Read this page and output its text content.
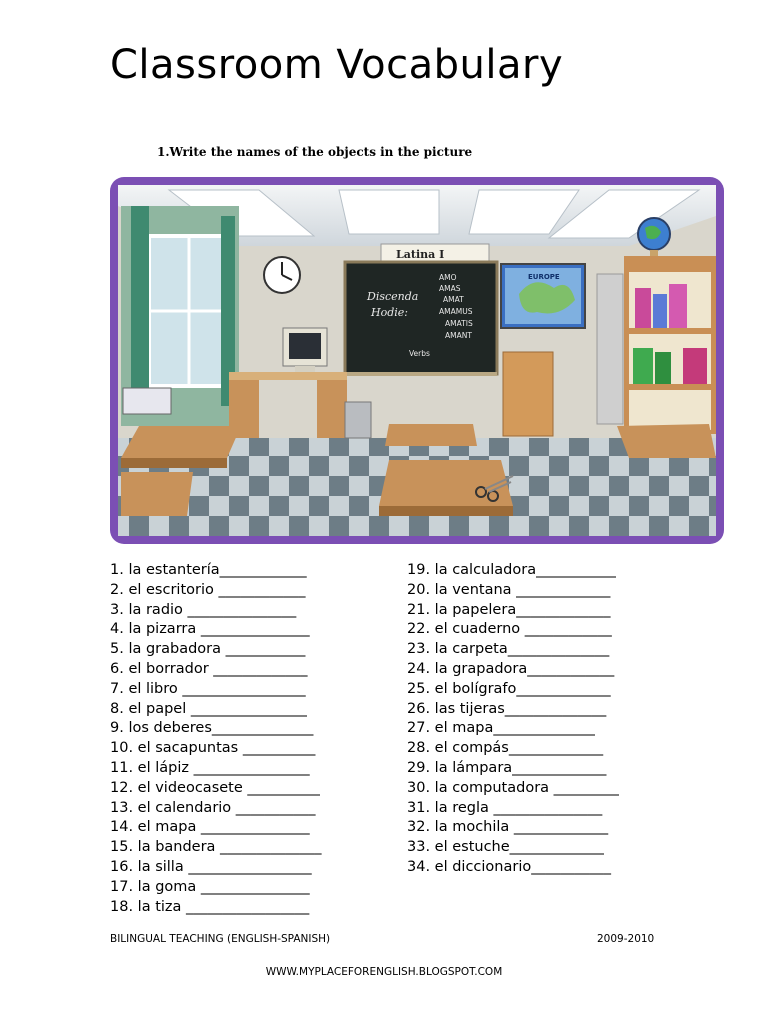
Classroom Vocabulary
1.Write the names of the objects in the picture
Latina I
Discenda
Hodie:
AMO
AMAS
AMAT
AMAMUS
AMATIS
AMANT
Verbs
EUROPE
1. la estantería____________
2. el escritorio ____________
3. la radio _______________
4. la pizarra _______________
5. la grabadora ___________
6. el borrador _____________
7. el libro _________________
8. el papel ________________
9. los deberes______________
10. el sacapuntas __________
11. el lápiz ________________
12. el videocasete __________
13. el calendario ___________
14. el mapa _______________
15. la bandera ______________
16. la silla _________________
17. la goma _______________
18. la tiza _________________
19. la calculadora___________
20. la ventana _____________
21. la papelera_____________
22. el cuaderno ____________
23. la carpeta______________
24. la grapadora____________
25. el bolígrafo_____________
26. las tijeras______________
27. el mapa______________
28. el compás_____________
29. la lámpara_____________
30. la computadora _________
31. la regla _______________
32. la mochila _____________
33. el estuche_____________
34. el diccionario___________
BILINGUAL TEACHING (ENGLISH-SPANISH)	2009-2010
WWW.MYPLACEFORENGLISH.BLOGSPOT.COM
